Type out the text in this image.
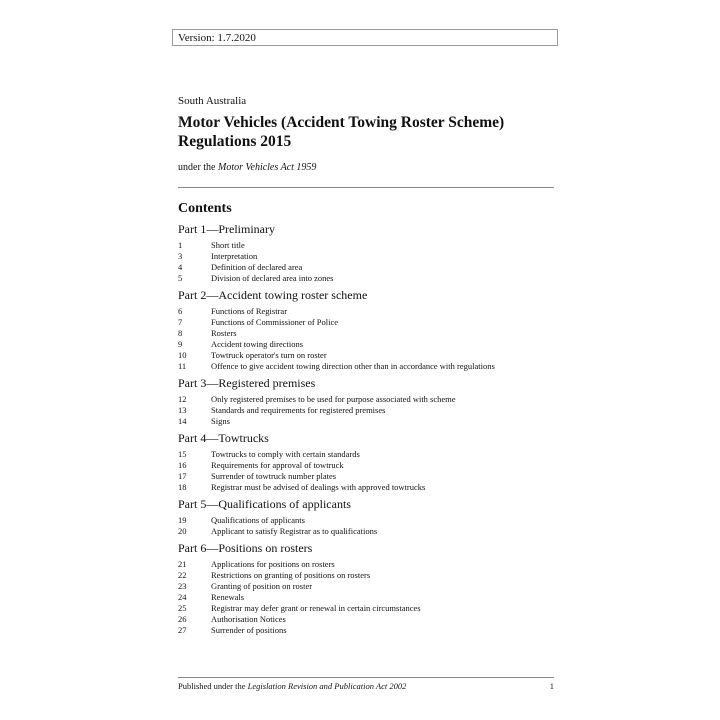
Version: 1.7.2020
South Australia
Motor Vehicles (Accident Towing Roster Scheme) Regulations 2015
under the Motor Vehicles Act 1959
Contents
Part 1—Preliminary
1	Short title
3	Interpretation
4	Definition of declared area
5	Division of declared area into zones
Part 2—Accident towing roster scheme
6	Functions of Registrar
7	Functions of Commissioner of Police
8	Rosters
9	Accident towing directions
10	Towtruck operator's turn on roster
11	Offence to give accident towing direction other than in accordance with regulations
Part 3—Registered premises
12	Only registered premises to be used for purpose associated with scheme
13	Standards and requirements for registered premises
14	Signs
Part 4—Towtrucks
15	Towtrucks to comply with certain standards
16	Requirements for approval of towtruck
17	Surrender of towtruck number plates
18	Registrar must be advised of dealings with approved towtrucks
Part 5—Qualifications of applicants
19	Qualifications of applicants
20	Applicant to satisfy Registrar as to qualifications
Part 6—Positions on rosters
21	Applications for positions on rosters
22	Restrictions on granting of positions on rosters
23	Granting of position on roster
24	Renewals
25	Registrar may defer grant or renewal in certain circumstances
26	Authorisation Notices
27	Surrender of positions
Published under the Legislation Revision and Publication Act 2002	1
